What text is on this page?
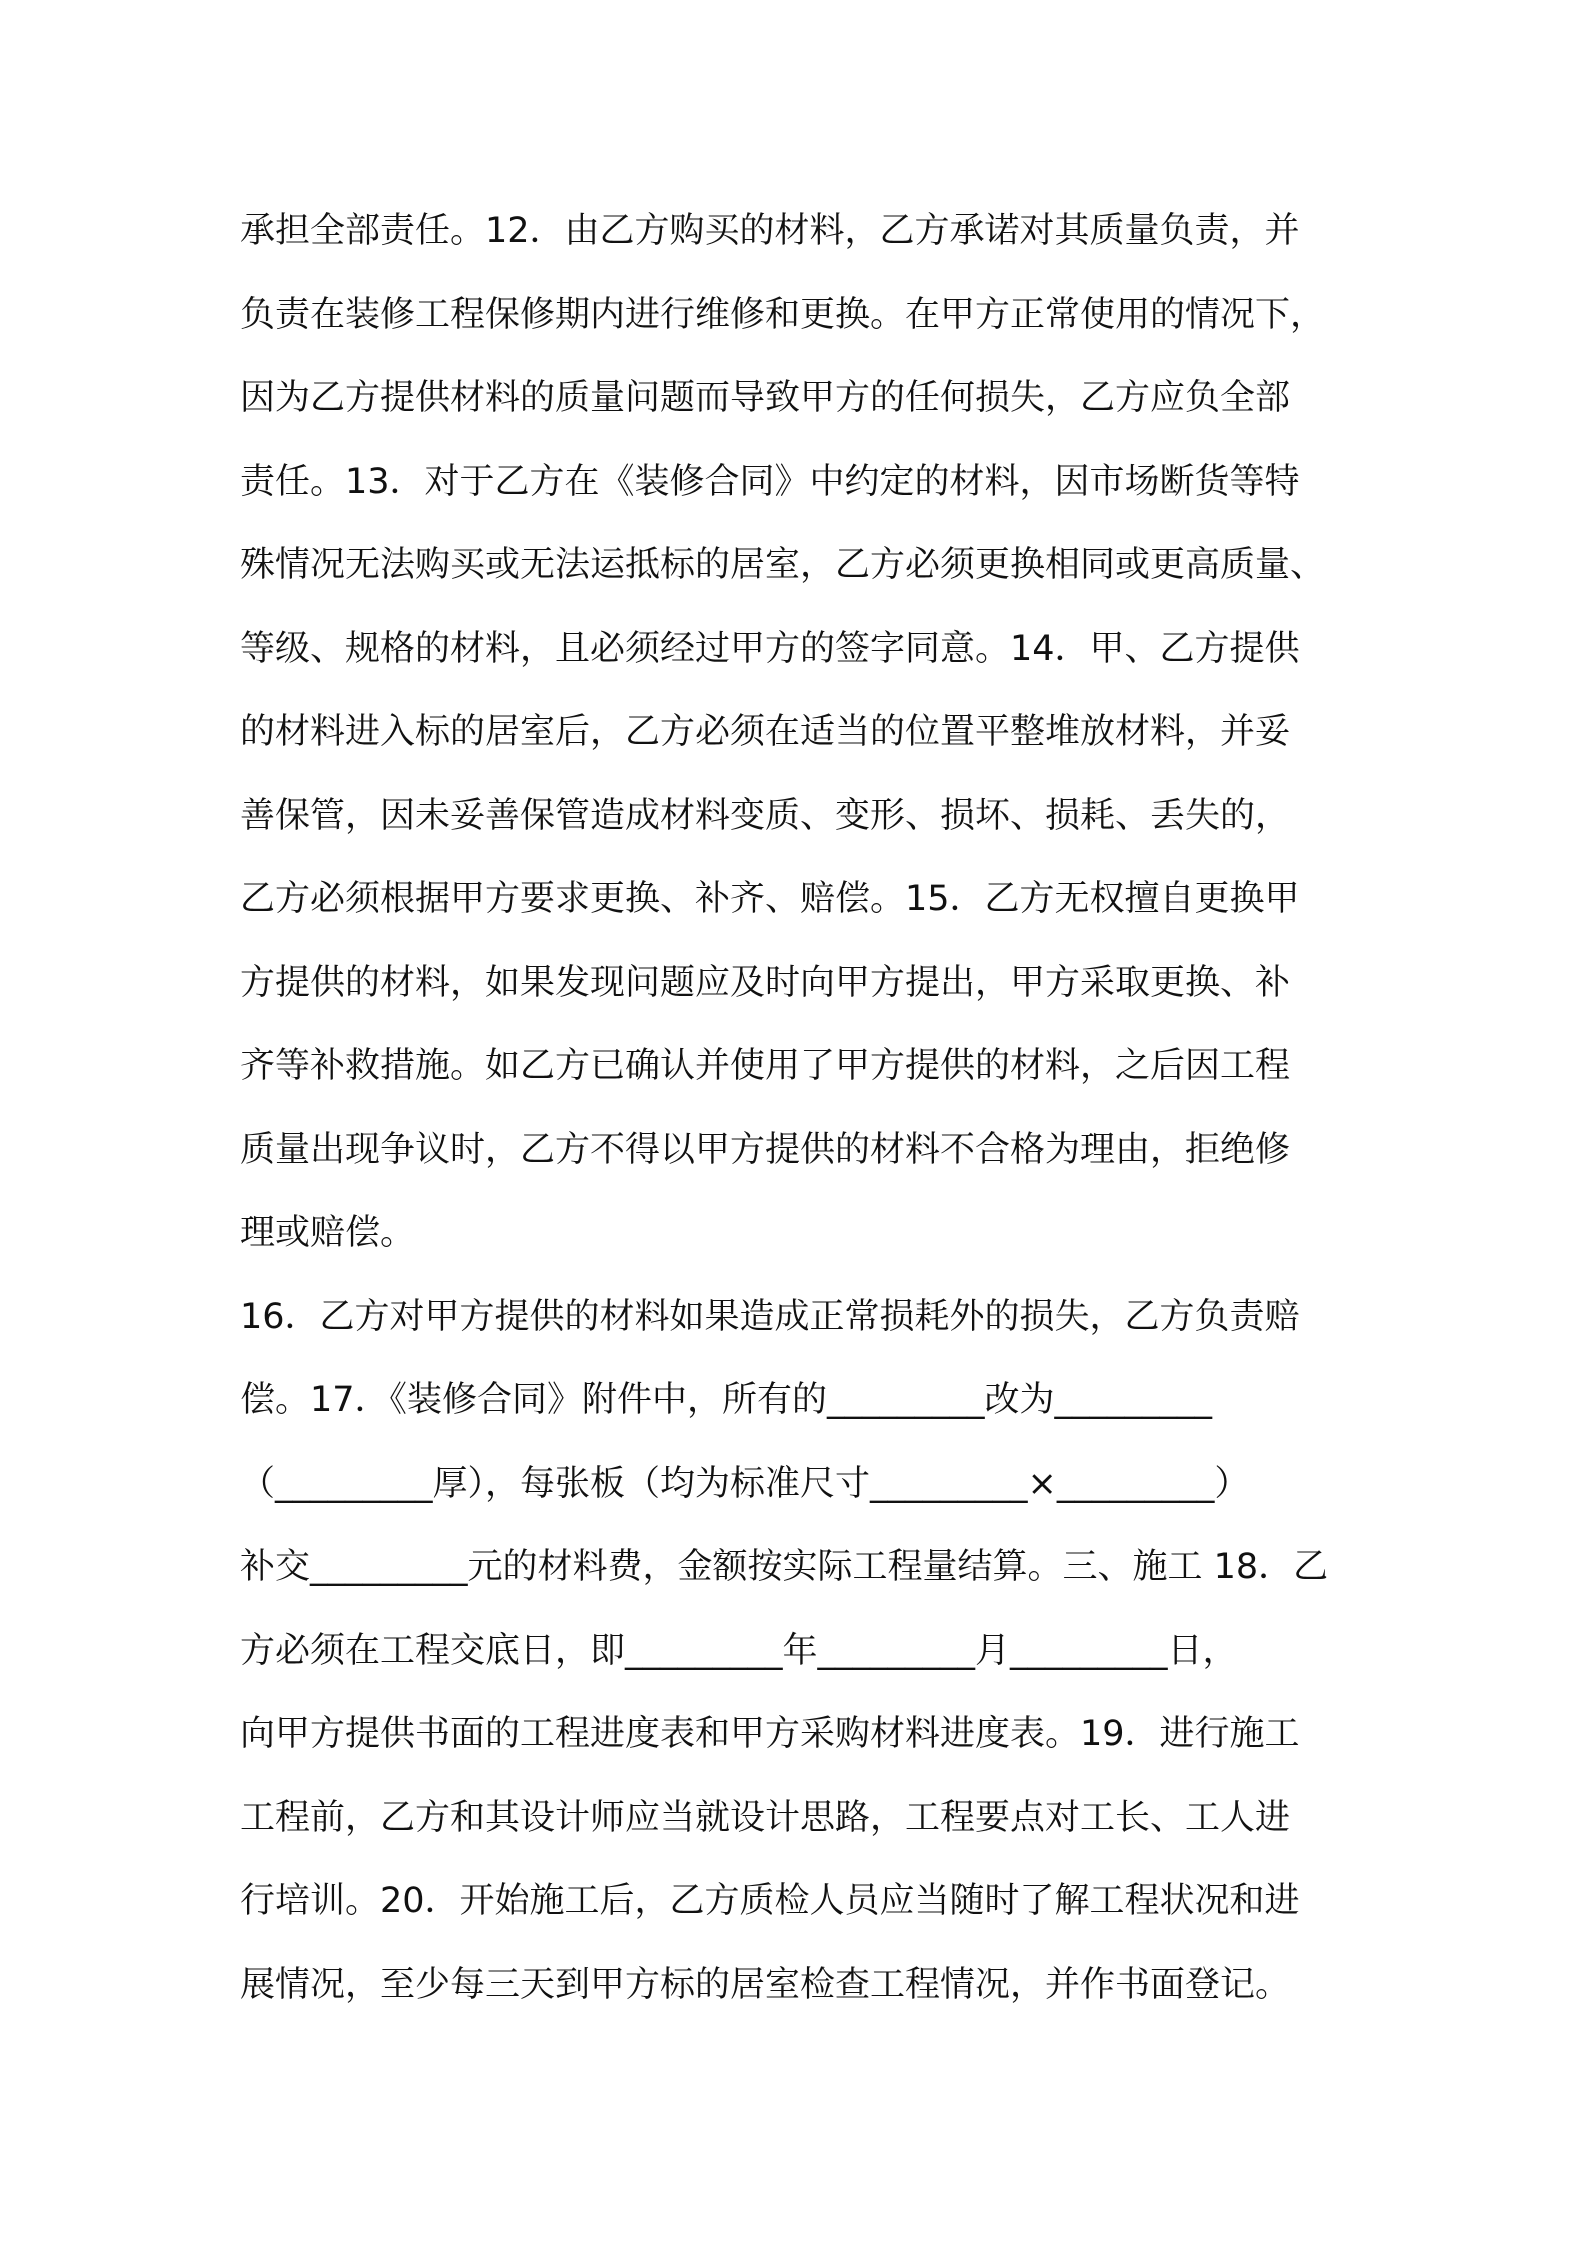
承担全部责任。12．由乙方购买的材料，乙方承诺对其质量负责，并
负责在装修工程保修期内进行维修和更换。在甲方正常使用的情况下，
因为乙方提供材料的质量问题而导致甲方的任何损失，乙方应负全部
责任。13．对于乙方在《装修合同》中约定的材料，因市场断货等特
殊情况无法购买或无法运抵标的居室，乙方必须更换相同或更高质量、
等级、规格的材料，且必须经过甲方的签字同意。14．甲、乙方提供
的材料进入标的居室后，乙方必须在适当的位置平整堆放材料，并妥
善保管，因未妥善保管造成材料变质、变形、损坏、损耗、丢失的，
乙方必须根据甲方要求更换、补齐、赔偿。15．乙方无权擅自更换甲
方提供的材料，如果发现问题应及时向甲方提出，甲方采取更换、补
齐等补救措施。如乙方已确认并使用了甲方提供的材料，之后因工程
质量出现争议时，乙方不得以甲方提供的材料不合格为理由，拒绝修
理或赔偿。
16．乙方对甲方提供的材料如果造成正常损耗外的损失，乙方负责赔
偿。17．《装修合同》附件中，所有的_________改为_________
（_________厚），每张板（均为标准尺寸_________×_________）
补交_________元的材料费，金额按实际工程量结算。三、施工 18．乙
方必须在工程交底日，即_________年_________月_________日，
向甲方提供书面的工程进度表和甲方采购材料进度表。19．进行施工
工程前，乙方和其设计师应当就设计思路，工程要点对工长、工人进
行培训。20．开始施工后，乙方质检人员应当随时了解工程状况和进
展情况，至少每三天到甲方标的居室检查工程情况，并作书面登记。
